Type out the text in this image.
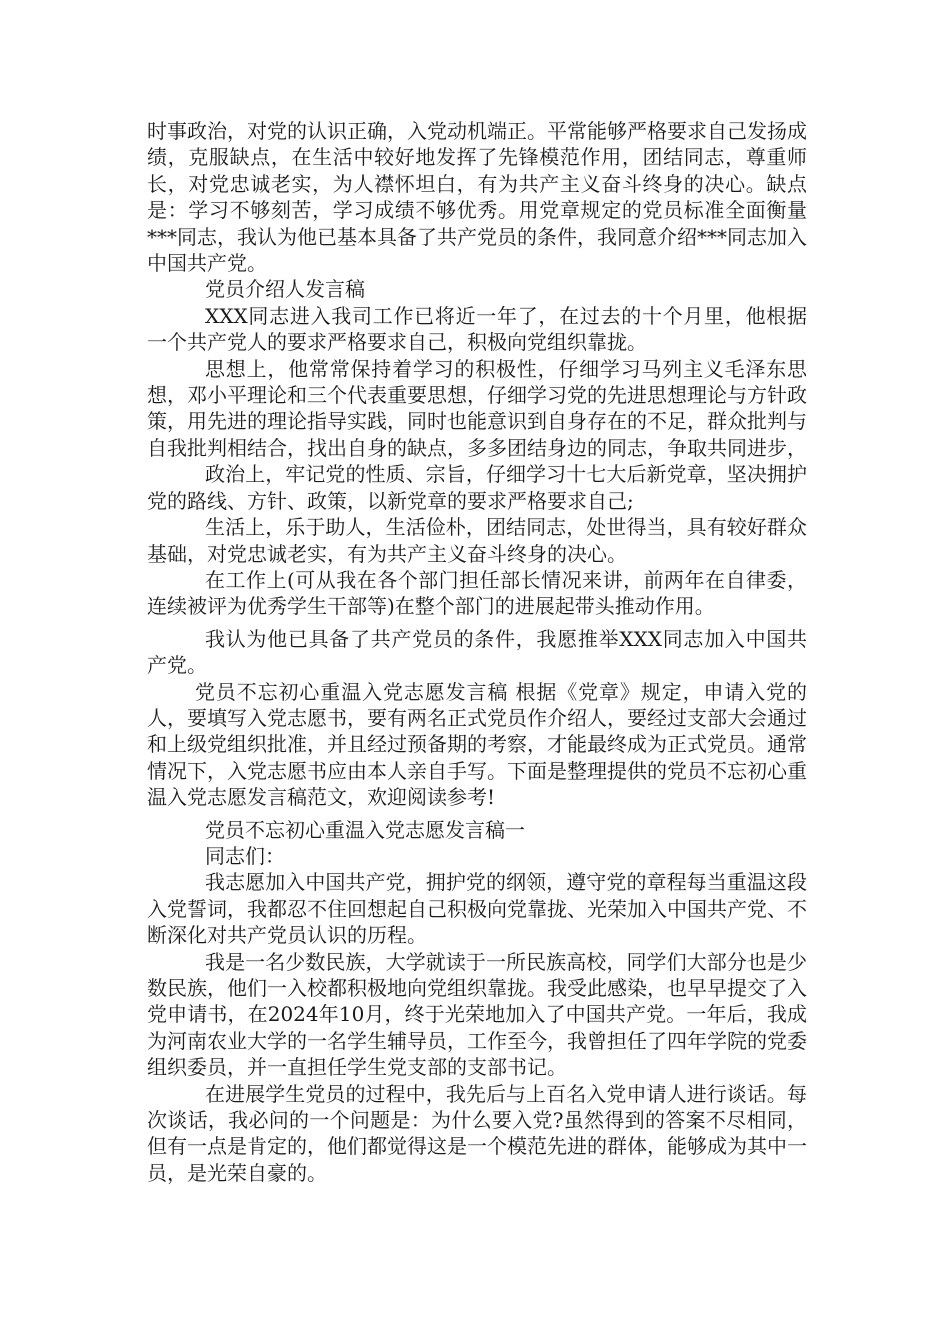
时事政治，对党的认识正确，入党动机端正。平常能够严格要求自己发扬成绩，克服缺点，在生活中较好地发挥了先锋模范作用，团结同志，尊重师长，对党忠诚老实，为人襟怀坦白，有为共产主义奋斗终身的决心。缺点是：学习不够刻苦，学习成绩不够优秀。用党章规定的党员标准全面衡量***同志，我认为他已基本具备了共产党员的条件，我同意介绍***同志加入中国共产党。

党员介绍人发言稿

XXX同志进入我司工作已将近一年了，在过去的十个月里，他根据一个共产党人的要求严格要求自己，积极向党组织靠拢。

思想上，他常常保持着学习的积极性，仔细学习马列主义毛泽东思想，邓小平理论和三个代表重要思想，仔细学习党的先进思想理论与方针政策，用先进的理论指导实践，同时也能意识到自身存在的不足，群众批判与自我批判相结合，找出自身的缺点，多多团结身边的同志，争取共同进步，

政治上，牢记党的性质、宗旨，仔细学习十七大后新党章，坚决拥护党的路线、方针、政策，以新党章的要求严格要求自己;

生活上，乐于助人，生活俭朴，团结同志，处世得当，具有较好群众基础，对党忠诚老实，有为共产主义奋斗终身的决心。

在工作上(可从我在各个部门担任部长情况来讲，前两年在自律委，连续被评为优秀学生干部等)在整个部门的进展起带头推动作用。

我认为他已具备了共产党员的条件，我愿推举XXX同志加入中国共产党。

党员不忘初心重温入党志愿发言稿 根据《党章》规定，申请入党的人，要填写入党志愿书，要有两名正式党员作介绍人，要经过支部大会通过和上级党组织批准，并且经过预备期的考察，才能最终成为正式党员。通常情况下，入党志愿书应由本人亲自手写。下面是整理提供的党员不忘初心重温入党志愿发言稿范文，欢迎阅读参考!

党员不忘初心重温入党志愿发言稿一

同志们：

我志愿加入中国共产党，拥护党的纲领，遵守党的章程每当重温这段入党誓词，我都忍不住回想起自己积极向党靠拢、光荣加入中国共产党、不断深化对共产党员认识的历程。

我是一名少数民族，大学就读于一所民族高校，同学们大部分也是少数民族，他们一入校都积极地向党组织靠拢。我受此感染，也早早提交了入党申请书，在2024年10月，终于光荣地加入了中国共产党。一年后，我成为河南农业大学的一名学生辅导员，工作至今，我曾担任了四年学院的党委组织委员，并一直担任学生党支部的支部书记。

在进展学生党员的过程中，我先后与上百名入党申请人进行谈话。每次谈话，我必问的一个问题是：为什么要入党?虽然得到的答案不尽相同，但有一点是肯定的，他们都觉得这是一个模范先进的群体，能够成为其中一员，是光荣自豪的。
